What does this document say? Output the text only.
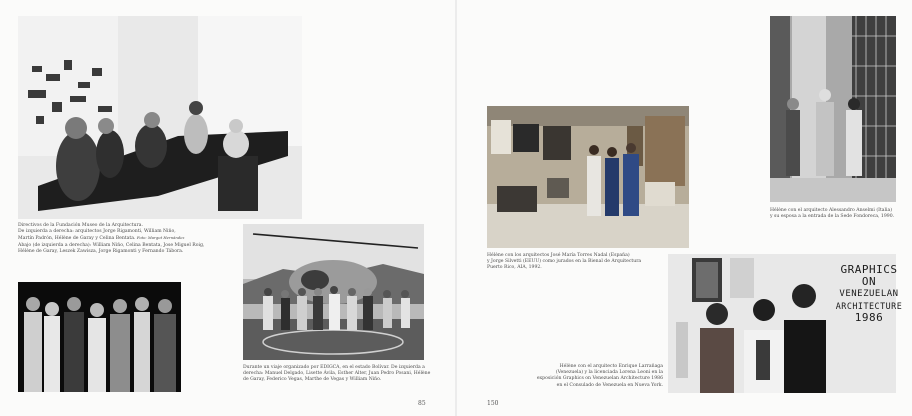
Directivos de la Fundación Museo de la Arquitectura.
De izquierda a derecha: arquitectos Jorge Rigamonti, William Niño,
Martín Padrón, Hélène de Garay y Celina Bentata. Foto: Margot Hernández
Abajo (de izquierda a derecha): William Niño, Celina Bentata, Jose Miguel Roig,
Hélène de Garay, Leszek Zawisza, Jorge Rigamonti y Fernando Tábora.
Durante un viaje organizado por EDIGCA, en el estado Bolívar. De izquierda a
derecha: Manuel Delgado, Lisette Ávila, Esther Alter, Juan Pedro Posani, Hélène
de Garay, Federico Vegas, Marthe de Vegas y William Niño.
85
Hélène con los arquitectos José María Torres Nadal (España)
y Jorge Silvetti (EEUU) como jurados en la Bienal de Arquitectura
Puerto Rico, AIA, 1992.
Hélène con el arquitecto Alessandro Anselmi (Italia)
y su esposa a la entrada de la Sede Fondoreca, 1990.
GRAPHICS
ON
VENEZUELAN
ARCHITECTURE
1986
Hélène con el arquitecto Enrique Larrañaga
(Venezuela) y la licenciada Lorena Leoni en la
exposición Graphics on Venezuelan Architecture 1986
en el Consulado de Venezuela en Nueva York.
150
